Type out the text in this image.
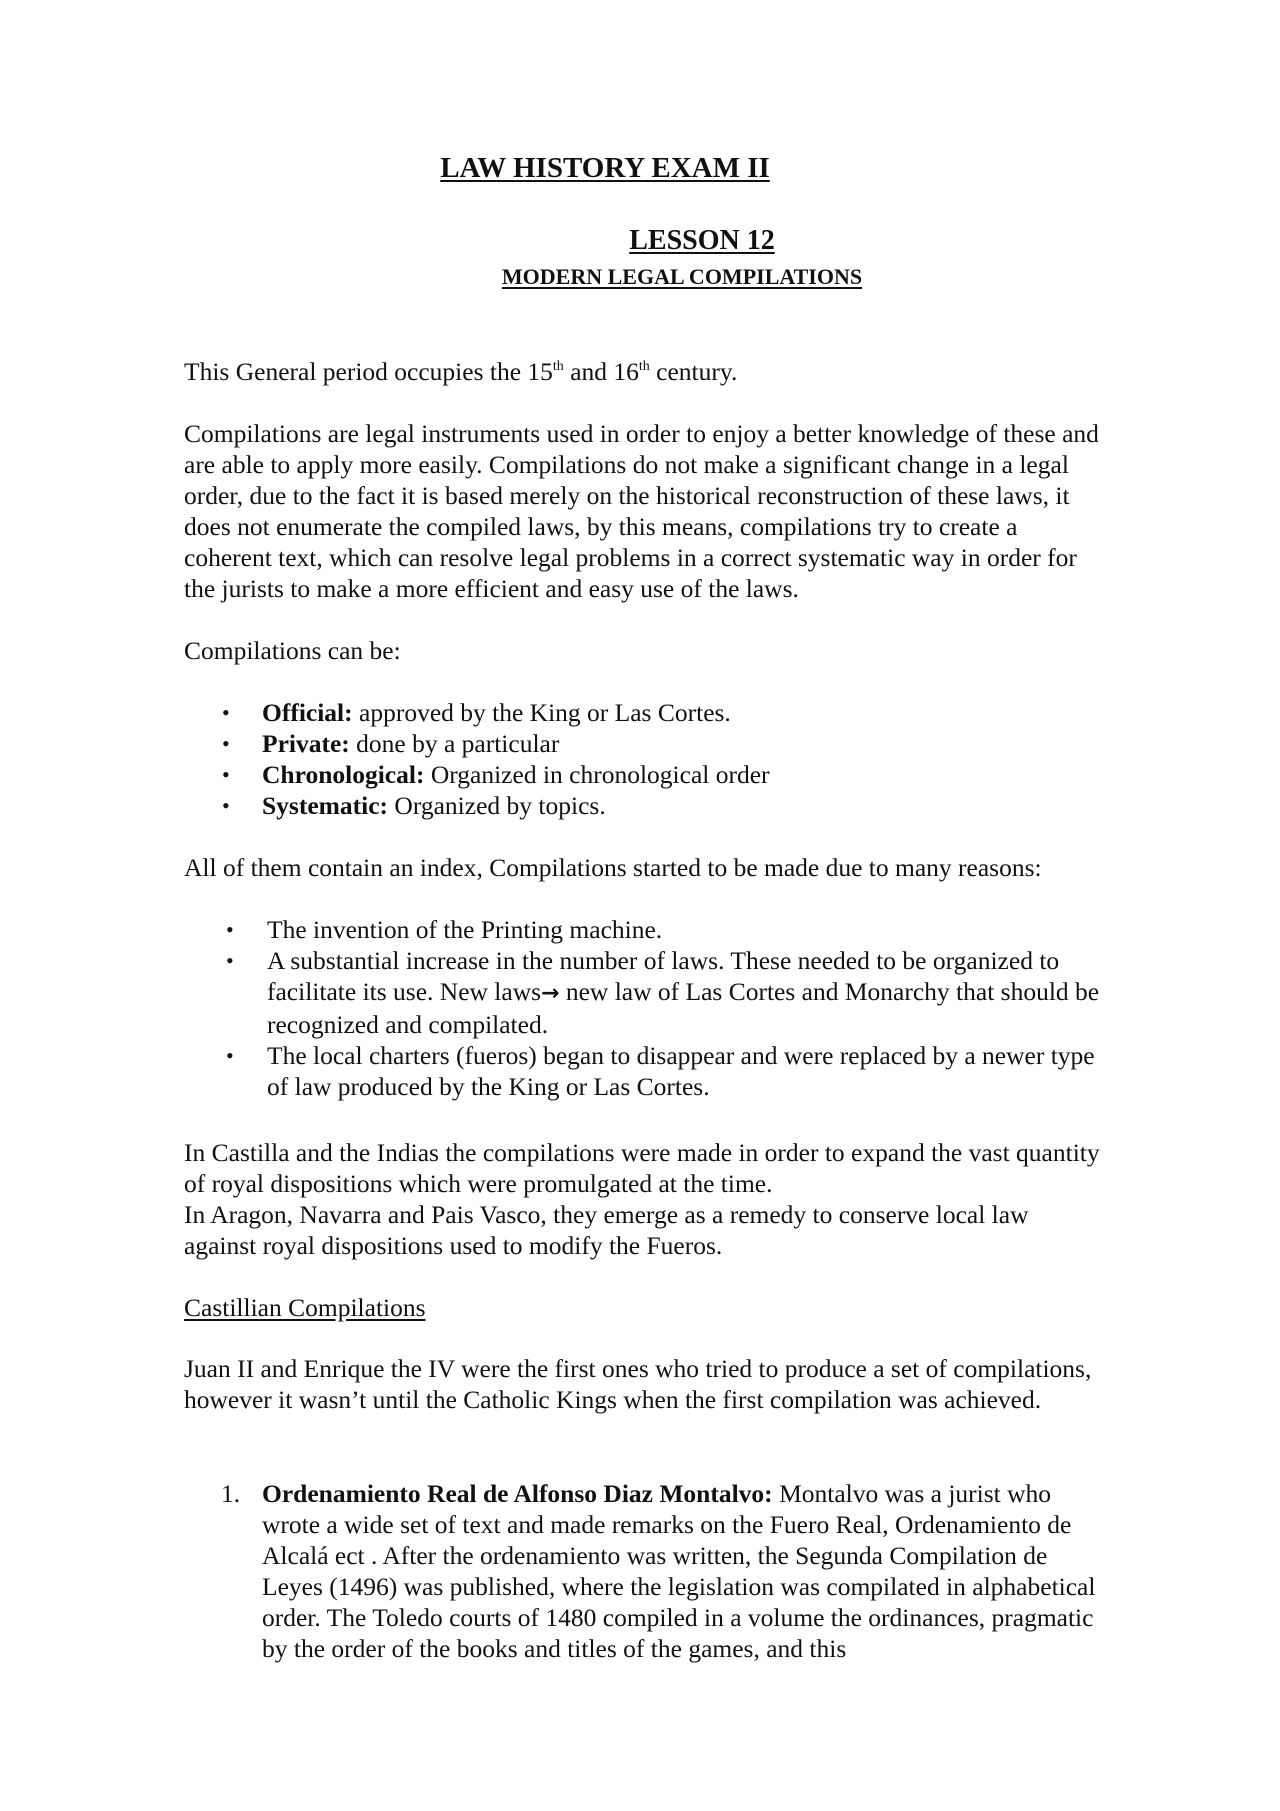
LAW HISTORY EXAM II
LESSON 12
MODERN LEGAL COMPILATIONS

This General period occupies the 15th and 16th century.

Compilations are legal instruments used in order to enjoy a better knowledge of these and are able to apply more easily. Compilations do not make a significant change in a legal order, due to the fact it is based merely on the historical reconstruction of these laws, it does not enumerate the compiled laws, by this means, compilations try to create a coherent text, which can resolve legal problems in a correct systematic way in order for the jurists to make a more efficient and easy use of the laws.

Compilations can be:

• Official: approved by the King or Las Cortes.
• Private: done by a particular
• Chronological: Organized in chronological order
• Systematic: Organized by topics.

All of them contain an index, Compilations started to be made due to many reasons:

• The invention of the Printing machine.
• A substantial increase in the number of laws. These needed to be organized to facilitate its use. New laws→ new law of Las Cortes and Monarchy that should be recognized and compilated.
• The local charters (fueros) began to disappear and were replaced by a newer type of law produced by the King or Las Cortes.
In Castilla and the Indias the compilations were made in order to expand the vast quantity of royal dispositions which were promulgated at the time.
In Aragon, Navarra and Pais Vasco, they emerge as a remedy to conserve local law against royal dispositions used to modify the Fueros.

Castillian Compilations

Juan II and Enrique the IV were the first ones who tried to produce a set of compilations, however it wasn’t until the Catholic Kings when the first compilation was achieved.

1. Ordenamiento Real de Alfonso Diaz Montalvo: Montalvo was a jurist who wrote a wide set of text and made remarks on the Fuero Real, Ordenamiento de Alcalá ect . After the ordenamiento was written, the Segunda Compilation de Leyes (1496) was published, where the legislation was compilated in alphabetical order. The Toledo courts of 1480 compiled in a volume the ordinances, pragmatic by the order of the books and titles of the games, and this
